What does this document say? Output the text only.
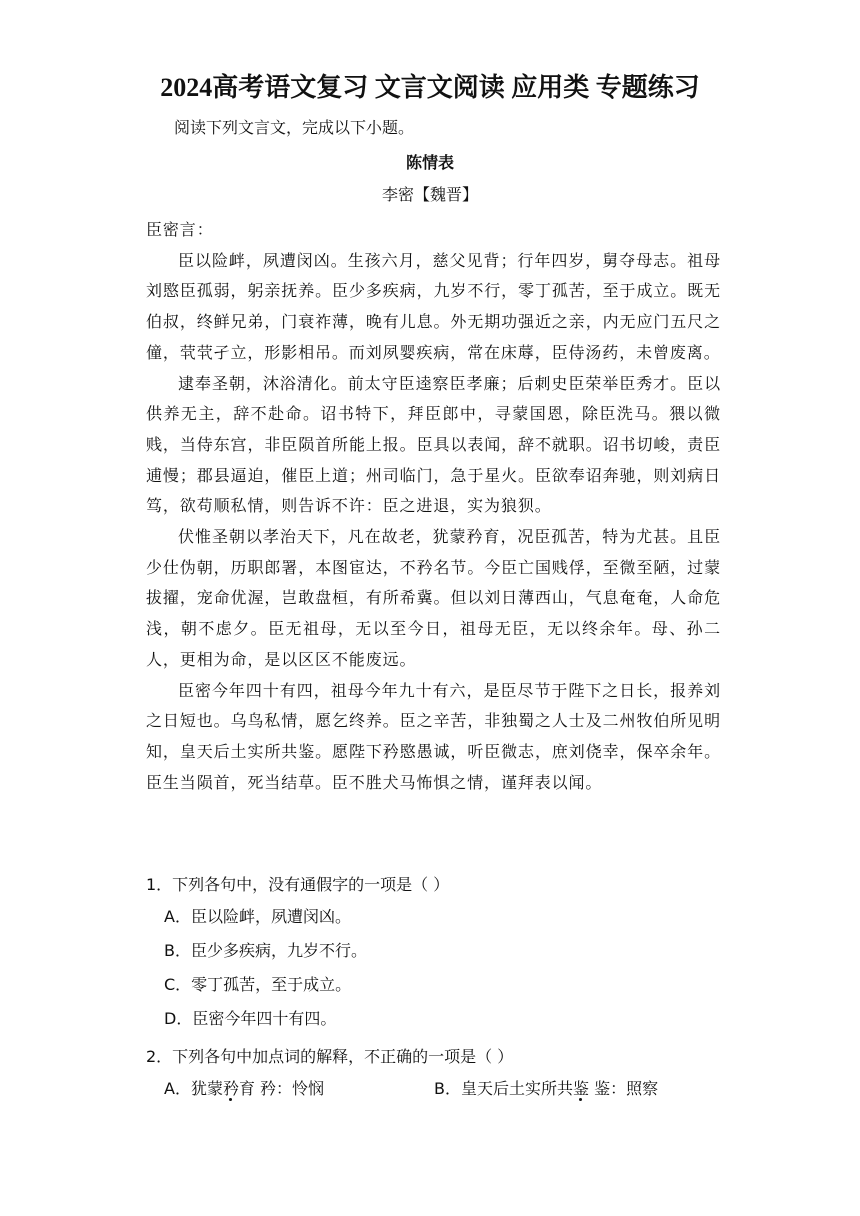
2024高考语文复习 文言文阅读 应用类 专题练习
阅读下列文言文，完成以下小题。
陈情表
李密【魏晋】

臣密言：

臣以险衅，夙遭闵凶。生孩六月，慈父见背；行年四岁，舅夺母志。祖母刘愍臣孤弱，躬亲抚养。臣少多疾病，九岁不行，零丁孤苦，至于成立。既无伯叔，终鲜兄弟，门衰祚薄，晚有儿息。外无期功强近之亲，内无应门五尺之僮，茕茕孑立，形影相吊。而刘夙婴疾病，常在床蓐，臣侍汤药，未曾废离。

逮奉圣朝，沐浴清化。前太守臣逵察臣孝廉；后刺史臣荣举臣秀才。臣以供养无主，辞不赴命。诏书特下，拜臣郎中，寻蒙国恩，除臣洗马。猥以微贱，当侍东宫，非臣陨首所能上报。臣具以表闻，辞不就职。诏书切峻，责臣逋慢；郡县逼迫，催臣上道；州司临门，急于星火。臣欲奉诏奔驰，则刘病日笃，欲苟顺私情，则告诉不许：臣之进退，实为狼狈。

伏惟圣朝以孝治天下，凡在故老，犹蒙矜育，况臣孤苦，特为尤甚。且臣少仕伪朝，历职郎署，本图宦达，不矜名节。今臣亡国贱俘，至微至陋，过蒙拔擢，宠命优渥，岂敢盘桓，有所希冀。但以刘日薄西山，气息奄奄，人命危浅，朝不虑夕。臣无祖母，无以至今日，祖母无臣，无以终余年。母、孙二人，更相为命，是以区区不能废远。

臣密今年四十有四，祖母今年九十有六，是臣尽节于陛下之日长，报养刘之日短也。乌鸟私情，愿乞终养。臣之辛苦，非独蜀之人士及二州牧伯所见明知，皇天后土实所共鉴。愿陛下矜愍愚诚，听臣微志，庶刘侥幸，保卒余年。臣生当陨首，死当结草。臣不胜犬马怖惧之情，谨拜表以闻。

1．下列各句中，没有通假字的一项是（ ）

A．臣以险衅，夙遭闵凶。

B．臣少多疾病，九岁不行。

C．零丁孤苦，至于成立。

D．臣密今年四十有四。

2．下列各句中加点词的解释，不正确的一项是（ ）

A．犹蒙矜育 矜：怜悯	B．皇天后土实所共鉴 鉴：照察
